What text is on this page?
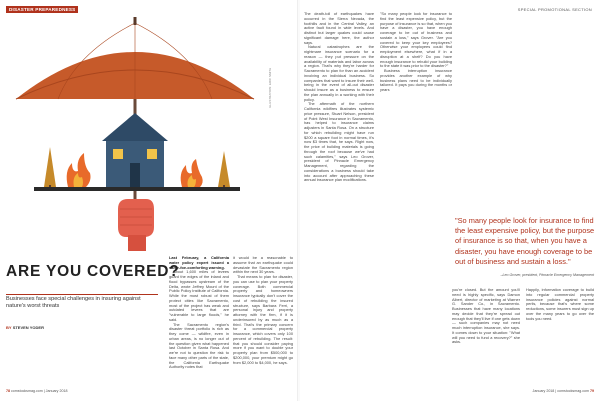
DISASTER PREPAREDNESS
ILLUSTRATION: ERIC SMITH
ARE YOU COVERED?
Businesses face special challenges in insuring against nature's worst threats
BY STEVEN YODER

Last February, a California water policy expert issued a same-foe-comforting warning.

About 1,600 miles of levees guard the edges of the inland and flood bypasses upstream of the Delta, wrote Jeffrey Mount of the Public Policy Institute of California. While the most robust of them protect cities like Sacramento, most of the project has weak and outdated levees that are "vulnerable to large floods," he said.

The Sacramento region's disaster threat portfolio is rich as they come — wildfire, even in urban areas, is no longer out of the question given what happened last October in Santa Rosa. And we're not to question the risk to face many other parts of the state, the California Earthquake Authority notes that

it would be a reasonable to assume that an earthquake could devastate the Sacramento region within the next 30 years.

That means to plan for disaster, you can use to plan your property coverage. Both commercial property and homeowners insurance typically don't cover the cost of rebuilding the insured structure, says Barbara Ferri, a personal injury and property attorney with the firm, if it is underinsured by as much as a third. That's the primary concern for a commercial property insurance, which covers only 100 percent of rebuilding. The result: that you should consider paying more if you want to double your property plan from $500,000 to $200,000, your premium might go from $2,000 to $4,000, he says.

78 comstocksmag.com | January 2018
SPECIAL PROMOTIONAL SECTION
January 2018 | comstocksmag.com 79

The death-toll of earthquakes have occurred in the Sierra Nevada, the foothills and in the Central Valley, an active fault found in wide levels. And distinct but larger quakes could cause significant damage here, the author says.

Natural catastrophes are the nightmare insurance scenario for a reason — they put pressure on the availability of materials and labor across a region. That's why they're harder for Sacramento to plan for than an accident involving an individual business. So companies that want to insure their well-being in the event of all-out disaster should insure as a business to ensure the plan annually in a working with their policy.

The aftermath of the northern California wildfires illustrates systemic price pressure, Stuart Nelson, president of Point West Insurance in Sacramento, has helped to insurance claims adjusters in Santa Rosa. On a structure for which rebuilding might have run $200 a square foot in normal times, it's now $3 times that, he says. Right now, the price of building materials is going through the roof because we've had such calamities," says Leo Grover, president of Pinnacle Emergency Management, regarding the considerations a business should take into account after approaching these annual insurance plan modifications.

"So many people look for insurance to find the least expensive policy, but the purpose of insurance is so that, when you have a disaster, you have enough coverage to be out of business and sustain a loss," says Grover. "Are you covered to keep your key employees? Otherwise your employees could find employment elsewhere, what if in a disruption at a shelf? Do you have enough insurance to rebuild your building to the state it was prior to the disaster?"

Business interruption insurance provides another example of why business plans need to be individually tailored. It pays you during the months or years

"So many people look for insurance to find the least expensive policy, but the purpose of insurance is so that, when you have a disaster, you have enough coverage to be out of business and sustain a loss."
–Leo Grover, president, Pinnacle Emergency Management

you're closed. But the amount you'll need is highly specific, says Damon Albert, director of marketing at Warner G. Sander Co., in Sacramento. Businesses that have many locations may decide that they're spread out enough that they'll live if one gets down — such companies may not need much interruption insurance, she says. It comes down to your situation: "What will you need to fund a recovery?" she asks.

Happily, information coverage to build into regular commercial property insurance policies against normal perils, because that's where some reductions, some insurers must sign up over the many years to go over the tools you need.
